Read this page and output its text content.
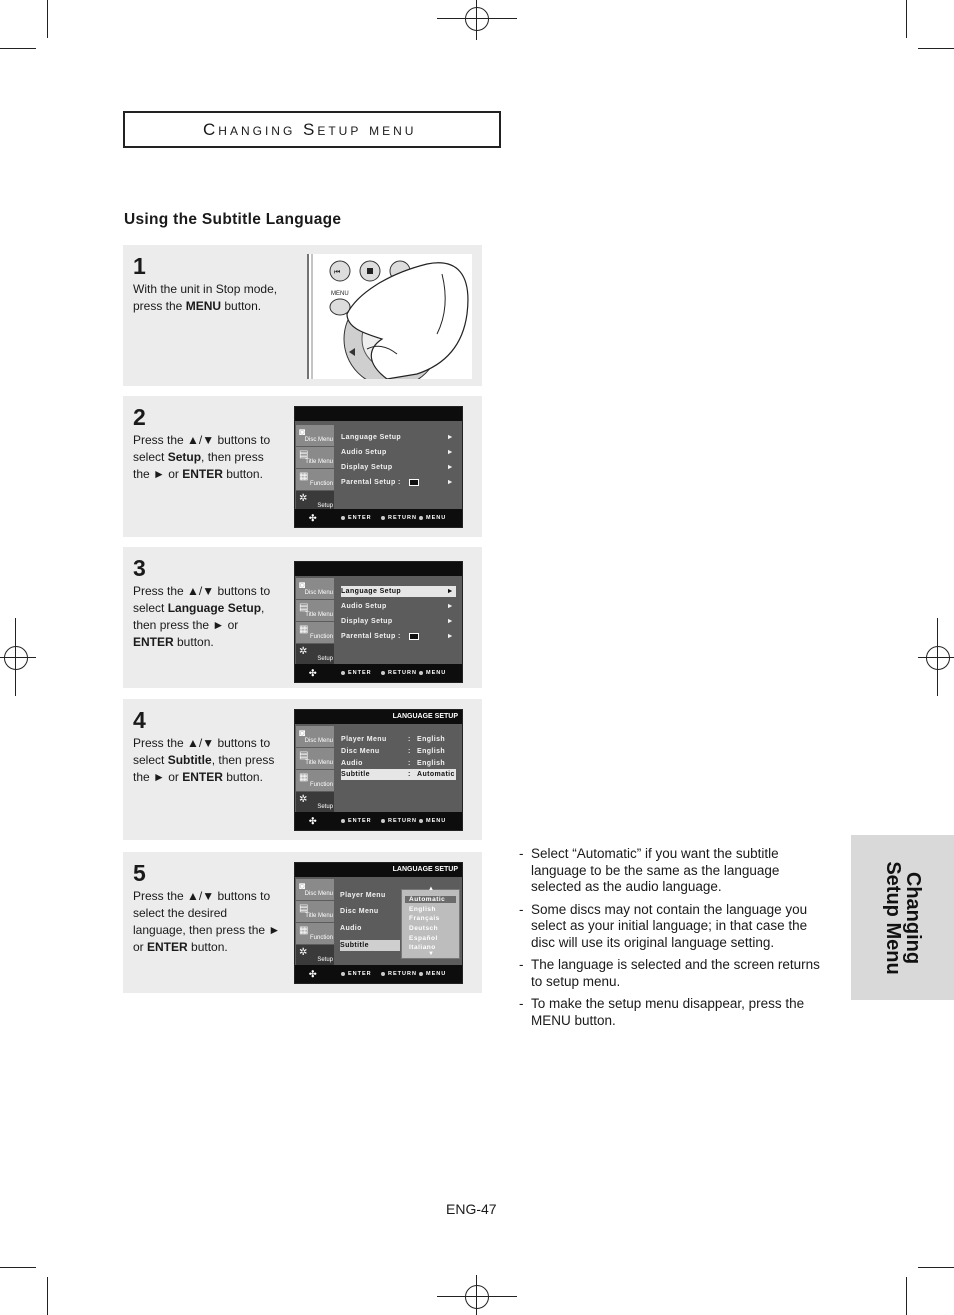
Changing Setup menu
Using the Subtitle Language
1
With the unit in Stop mode, press the MENU button.
⏮
MENU
2
Press the ▲/▼ buttons to select Setup, then press the ► or ENTER button.
◙
Disc Menu
▤
Title Menu
▦
Function
✲
Setup
Language Setup	►
Audio Setup	►
Display Setup	►
Parental Setup :	►
✣	ENTER	RETURN MENU
3
Press the ▲/▼ buttons to select Language Setup, then press the ► or ENTER button.
◙
Disc Menu
▤
Title Menu
▦
Function
✲
Setup
Language Setup	►
Audio Setup	►
Display Setup	►
Parental Setup :	►
✣	ENTER	RETURN MENU
4
Press the ▲/▼ buttons to select Subtitle, then press the ► or ENTER button.
LANGUAGE SETUP
◙
Disc Menu
▤
Title Menu
▦
Function
✲
Setup
Player Menu	: English
Disc Menu	: English
Audio	: English
Subtitle	: Automatic
✣	ENTER	RETURN MENU
5
Press the ▲/▼ buttons to select the desired language, then press the ► or ENTER button.
LANGUAGE SETUP
◙
Disc Menu
▤
Title Menu
▦
Function
✲
Setup
Player Menu
Disc Menu
Audio
Subtitle
▲
Automatic
English
Français
Deutsch
Español
Italiano
▼
✣	ENTER	RETURN MENU
- Select “Automatic” if you want the subtitle language to be the same as the language selected as the audio language.
- Some discs may not contain the language you select as your initial language; in that case the disc will use its original language setting.
- The language is selected and the screen returns to setup menu.
- To make the setup menu disappear, press the MENU button.
Changing
Setup Menu
ENG-47
